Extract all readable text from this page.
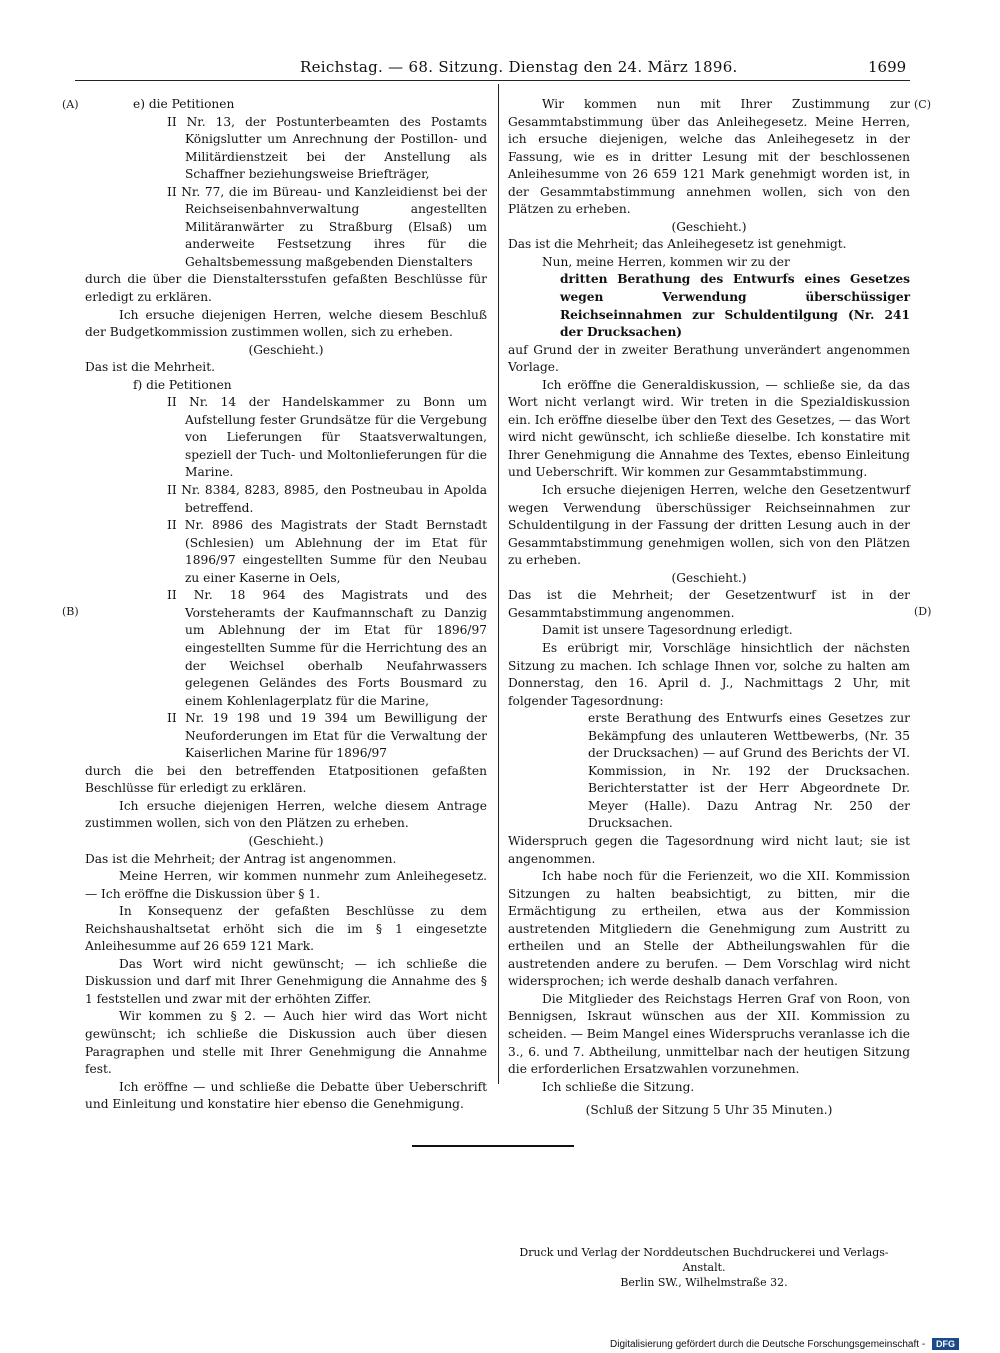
Reichstag. — 68. Sitzung. Dienstag den 24. März 1896.	1699
(A)
(B)
(C)
(D)

e) die Petitionen

II Nr. 13, der Postunterbeamten des Postamts Königslutter um Anrechnung der Postillon- und Militärdienstzeit bei der Anstellung als Schaffner beziehungsweise Briefträger,

II Nr. 77, die im Büreau- und Kanzleidienst bei der Reichseisenbahnverwaltung angestellten Militäranwärter zu Straßburg (Elsaß) um anderweite Festsetzung ihres für die Gehaltsbemessung maßgebenden Dienstalters

durch die über die Dienstaltersstufen gefaßten Beschlüsse für erledigt zu erklären.

Ich ersuche diejenigen Herren, welche diesem Beschluß der Budgetkommission zustimmen wollen, sich zu erheben.

(Geschieht.)

Das ist die Mehrheit.

f) die Petitionen

II Nr. 14 der Handelskammer zu Bonn um Aufstellung fester Grundsätze für die Vergebung von Lieferungen für Staatsverwaltungen, speziell der Tuch- und Moltonlieferungen für die Marine.

II Nr. 8384, 8283, 8985, den Postneubau in Apolda betreffend.

II Nr. 8986 des Magistrats der Stadt Bernstadt (Schlesien) um Ablehnung der im Etat für 1896/97 eingestellten Summe für den Neubau zu einer Kaserne in Oels,

II Nr. 18 964 des Magistrats und des Vorsteheramts der Kaufmannschaft zu Danzig um Ablehnung der im Etat für 1896/97 eingestellten Summe für die Herrichtung des an der Weichsel oberhalb Neufahrwassers gelegenen Geländes des Forts Bousmard zu einem Kohlenlagerplatz für die Marine,

II Nr. 19 198 und 19 394 um Bewilligung der Neuforderungen im Etat für die Verwaltung der Kaiserlichen Marine für 1896/97

durch die bei den betreffenden Etatpositionen gefaßten Beschlüsse für erledigt zu erklären.

Ich ersuche diejenigen Herren, welche diesem Antrage zustimmen wollen, sich von den Plätzen zu erheben.

(Geschieht.)

Das ist die Mehrheit; der Antrag ist angenommen.

Meine Herren, wir kommen nunmehr zum Anleihegesetz. — Ich eröffne die Diskussion über § 1.

In Konsequenz der gefaßten Beschlüsse zu dem Reichshaushaltsetat erhöht sich die im § 1 eingesetzte Anleihesumme auf 26 659 121 Mark.

Das Wort wird nicht gewünscht; — ich schließe die Diskussion und darf mit Ihrer Genehmigung die Annahme des § 1 feststellen und zwar mit der erhöhten Ziffer.

Wir kommen zu § 2. — Auch hier wird das Wort nicht gewünscht; ich schließe die Diskussion auch über diesen Paragraphen und stelle mit Ihrer Genehmigung die Annahme fest.

Ich eröffne — und schließe die Debatte über Ueberschrift und Einleitung und konstatire hier ebenso die Genehmigung.

Wir kommen nun mit Ihrer Zustimmung zur Gesammtabstimmung über das Anleihegesetz. Meine Herren, ich ersuche diejenigen, welche das Anleihegesetz in der Fassung, wie es in dritter Lesung mit der beschlossenen Anleihesumme von 26 659 121 Mark genehmigt worden ist, in der Gesammtabstimmung annehmen wollen, sich von den Plätzen zu erheben.

(Geschieht.)

Das ist die Mehrheit; das Anleihegesetz ist genehmigt.

Nun, meine Herren, kommen wir zu der

dritten Berathung des Entwurfs eines Gesetzes wegen Verwendung überschüssiger Reichseinnahmen zur Schuldentilgung (Nr. 241 der Drucksachen)

auf Grund der in zweiter Berathung unverändert angenommen Vorlage.

Ich eröffne die Generaldiskussion, — schließe sie, da das Wort nicht verlangt wird. Wir treten in die Spezialdiskussion ein. Ich eröffne dieselbe über den Text des Gesetzes, — das Wort wird nicht gewünscht, ich schließe dieselbe. Ich konstatire mit Ihrer Genehmigung die Annahme des Textes, ebenso Einleitung und Ueberschrift. Wir kommen zur Gesammtabstimmung.

Ich ersuche diejenigen Herren, welche den Gesetzentwurf wegen Verwendung überschüssiger Reichseinnahmen zur Schuldentilgung in der Fassung der dritten Lesung auch in der Gesammtabstimmung genehmigen wollen, sich von den Plätzen zu erheben.

(Geschieht.)

Das ist die Mehrheit; der Gesetzentwurf ist in der Gesammtabstimmung angenommen.

Damit ist unsere Tagesordnung erledigt.

Es erübrigt mir, Vorschläge hinsichtlich der nächsten Sitzung zu machen. Ich schlage Ihnen vor, solche zu halten am Donnerstag, den 16. April d. J., Nachmittags 2 Uhr, mit folgender Tagesordnung:

erste Berathung des Entwurfs eines Gesetzes zur Bekämpfung des unlauteren Wettbewerbs, (Nr. 35 der Drucksachen) — auf Grund des Berichts der VI. Kommission, in Nr. 192 der Drucksachen. Berichterstatter ist der Herr Abgeordnete Dr. Meyer (Halle). Dazu Antrag Nr. 250 der Drucksachen.

Widerspruch gegen die Tagesordnung wird nicht laut; sie ist angenommen.

Ich habe noch für die Ferienzeit, wo die XII. Kommission Sitzungen zu halten beabsichtigt, zu bitten, mir die Ermächtigung zu ertheilen, etwa aus der Kommission austretenden Mitgliedern die Genehmigung zum Austritt zu ertheilen und an Stelle der Abtheilungswahlen für die austretenden andere zu berufen. — Dem Vorschlag wird nicht widersprochen; ich werde deshalb danach verfahren.

Die Mitglieder des Reichstags Herren Graf von Roon, von Bennigsen, Iskraut wünschen aus der XII. Kommission zu scheiden. — Beim Mangel eines Widerspruchs veranlasse ich die 3., 6. und 7. Abtheilung, unmittelbar nach der heutigen Sitzung die erforderlichen Ersatzwahlen vorzunehmen.

Ich schließe die Sitzung.

(Schluß der Sitzung 5 Uhr 35 Minuten.)

Druck und Verlag der Norddeutschen Buchdruckerei und Verlags-Anstalt.
Berlin SW., Wilhelmstraße 32.
Digitalisierung gefördert durch die Deutsche Forschungsgemeinschaft - DFG
